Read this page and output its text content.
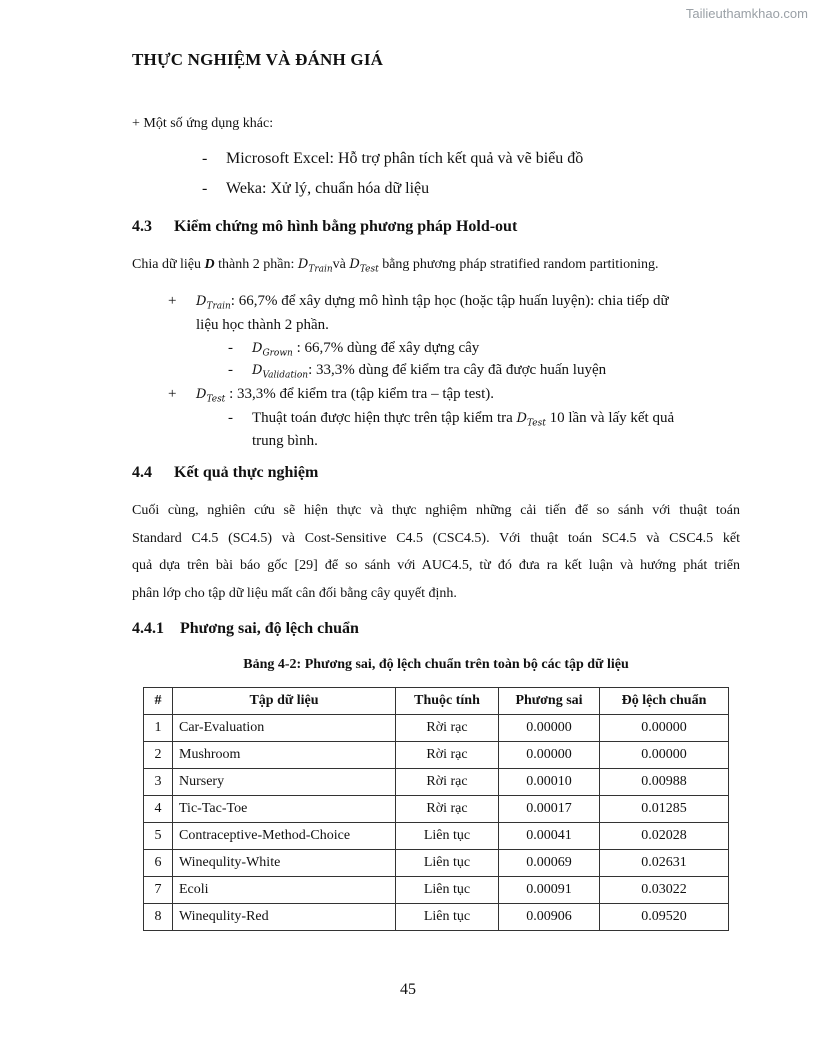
Tailieuthamkhao.com
THỰC NGHIỆM VÀ ĐÁNH GIÁ
+ Một số ứng dụng khác:
- Microsoft Excel: Hỗ trợ phân tích kết quả và vẽ biểu đồ
- Weka: Xử lý, chuẩn hóa dữ liệu
4.3 Kiểm chứng mô hình bằng phương pháp Hold-out
Chia dữ liệu D thành 2 phần: $D_{Train}và$ $D_{Test}$ bằng phương pháp stratified random partitioning.
+ $D_{Train}$: 66,7% để xây dựng mô hình tập học (hoặc tập huấn luyện): chia tiếp dữ
liệu học thành 2 phần.
- $D_{Grown}$ : 66,7% dùng để xây dựng cây
- $D_{Validation}$: 33,3% dùng để kiểm tra cây đã được huấn luyện
+ $D_{Test}$ : 33,3% để kiểm tra (tập kiểm tra – tập test).
- Thuật toán được hiện thực trên tập kiểm tra $D_{Test}$ 10 lần và lấy kết quả
trung bình.
4.4 Kết quả thực nghiệm
Cuối cùng, nghiên cứu sẽ hiện thực và thực nghiệm những cải tiến để so sánh với thuật toán
Standard C4.5 (SC4.5) và Cost-Sensitive C4.5 (CSC4.5). Với thuật toán SC4.5 và CSC4.5 kết
quả dựa trên bài báo gốc [29] để so sánh với AUC4.5, từ đó đưa ra kết luận và hướng phát triển
phân lớp cho tập dữ liệu mất cân đối bằng cây quyết định.
4.4.1 Phương sai, độ lệch chuẩn
Bảng 4-2: Phương sai, độ lệch chuẩn trên toàn bộ các tập dữ liệu
#	Tập dữ liệu	Thuộc tính	Phương sai	Độ lệch chuẩn
1	Car-Evaluation	Rời rạc	0.00000	0.00000
2	Mushroom	Rời rạc	0.00000	0.00000
3	Nursery	Rời rạc	0.00010	0.00988
4	Tic-Tac-Toe	Rời rạc	0.00017	0.01285
5	Contraceptive-Method-Choice	Liên tục	0.00041	0.02028
6	Winequlity-White	Liên tục	0.00069	0.02631
7	Ecoli	Liên tục	0.00091	0.03022
8	Winequlity-Red	Liên tục	0.00906	0.09520
45
